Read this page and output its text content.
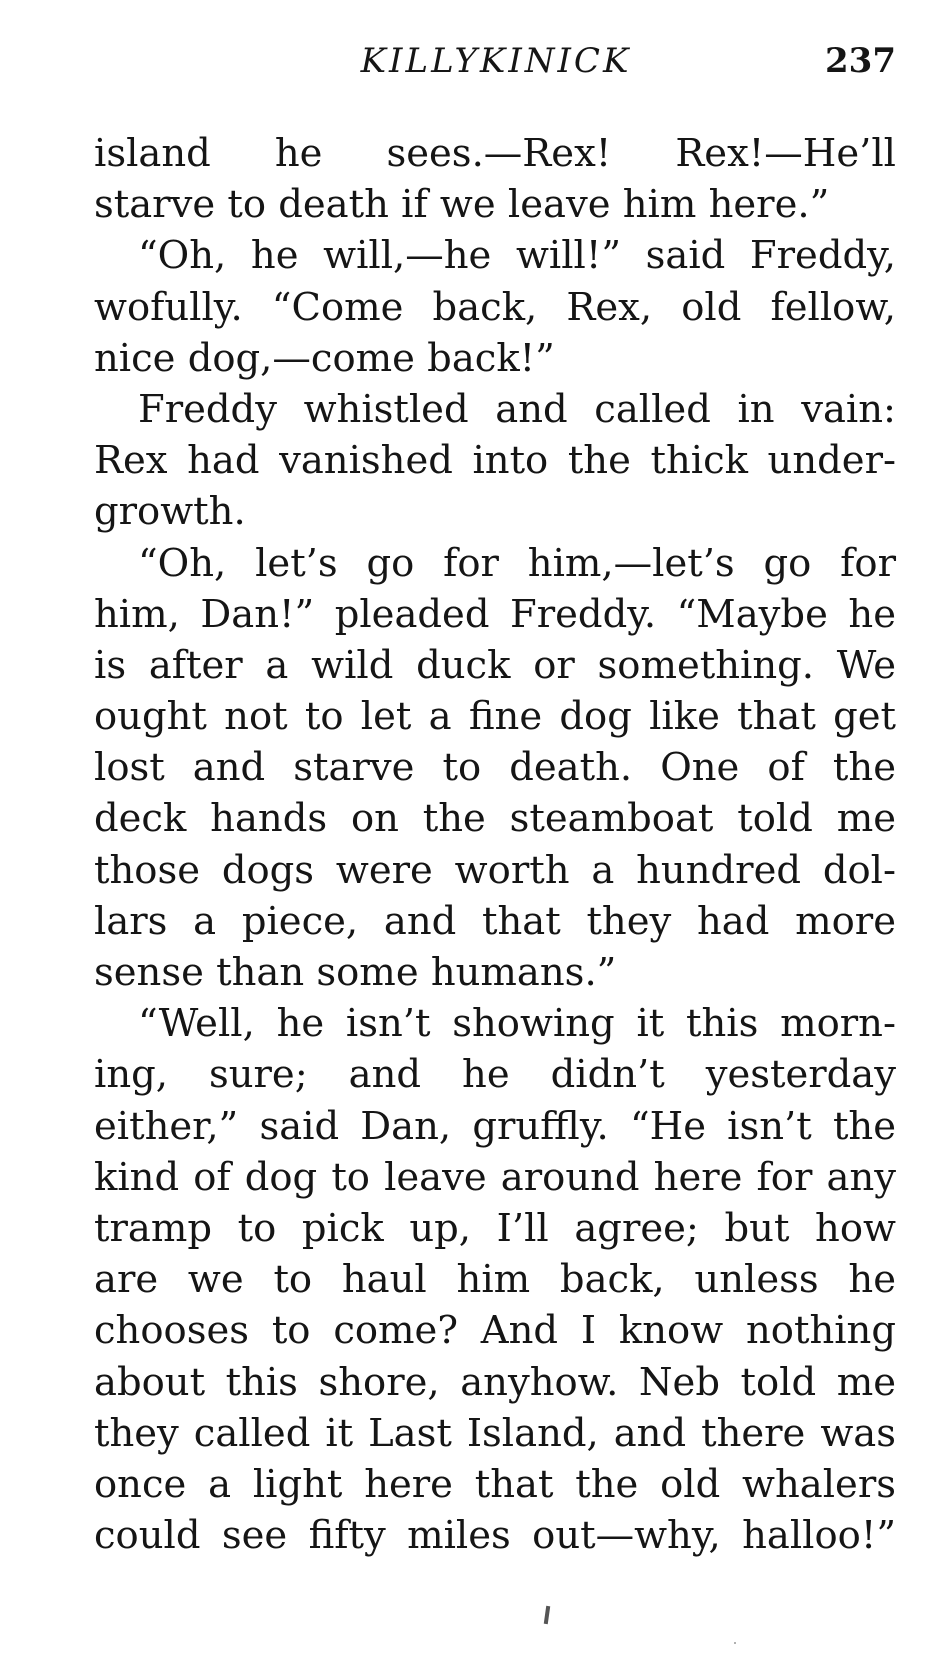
KILLYKINICK	237
island he sees.—Rex! Rex!—He’ll
starve to death if we leave him here.”
“Oh, he will,—he will!” said Freddy,
wofully. “Come back, Rex, old fellow,
nice dog,—come back!”
Freddy whistled and called in vain:
Rex had vanished into the thick under-
growth.
“Oh, let’s go for him,—let’s go for
him, Dan!” pleaded Freddy. “Maybe he
is after a wild duck or something. We
ought not to let a fine dog like that get
lost and starve to death. One of the
deck hands on the steamboat told me
those dogs were worth a hundred dol-
lars a piece, and that they had more
sense than some humans.”
“Well, he isn’t showing it this morn-
ing, sure; and he didn’t yesterday
either,” said Dan, gruffly. “He isn’t the
kind of dog to leave around here for any
tramp to pick up, I’ll agree; but how
are we to haul him back, unless he
chooses to come? And I know nothing
about this shore, anyhow. Neb told me
they called it Last Island, and there was
once a light here that the old whalers
could see fifty miles out—why, halloo!”
